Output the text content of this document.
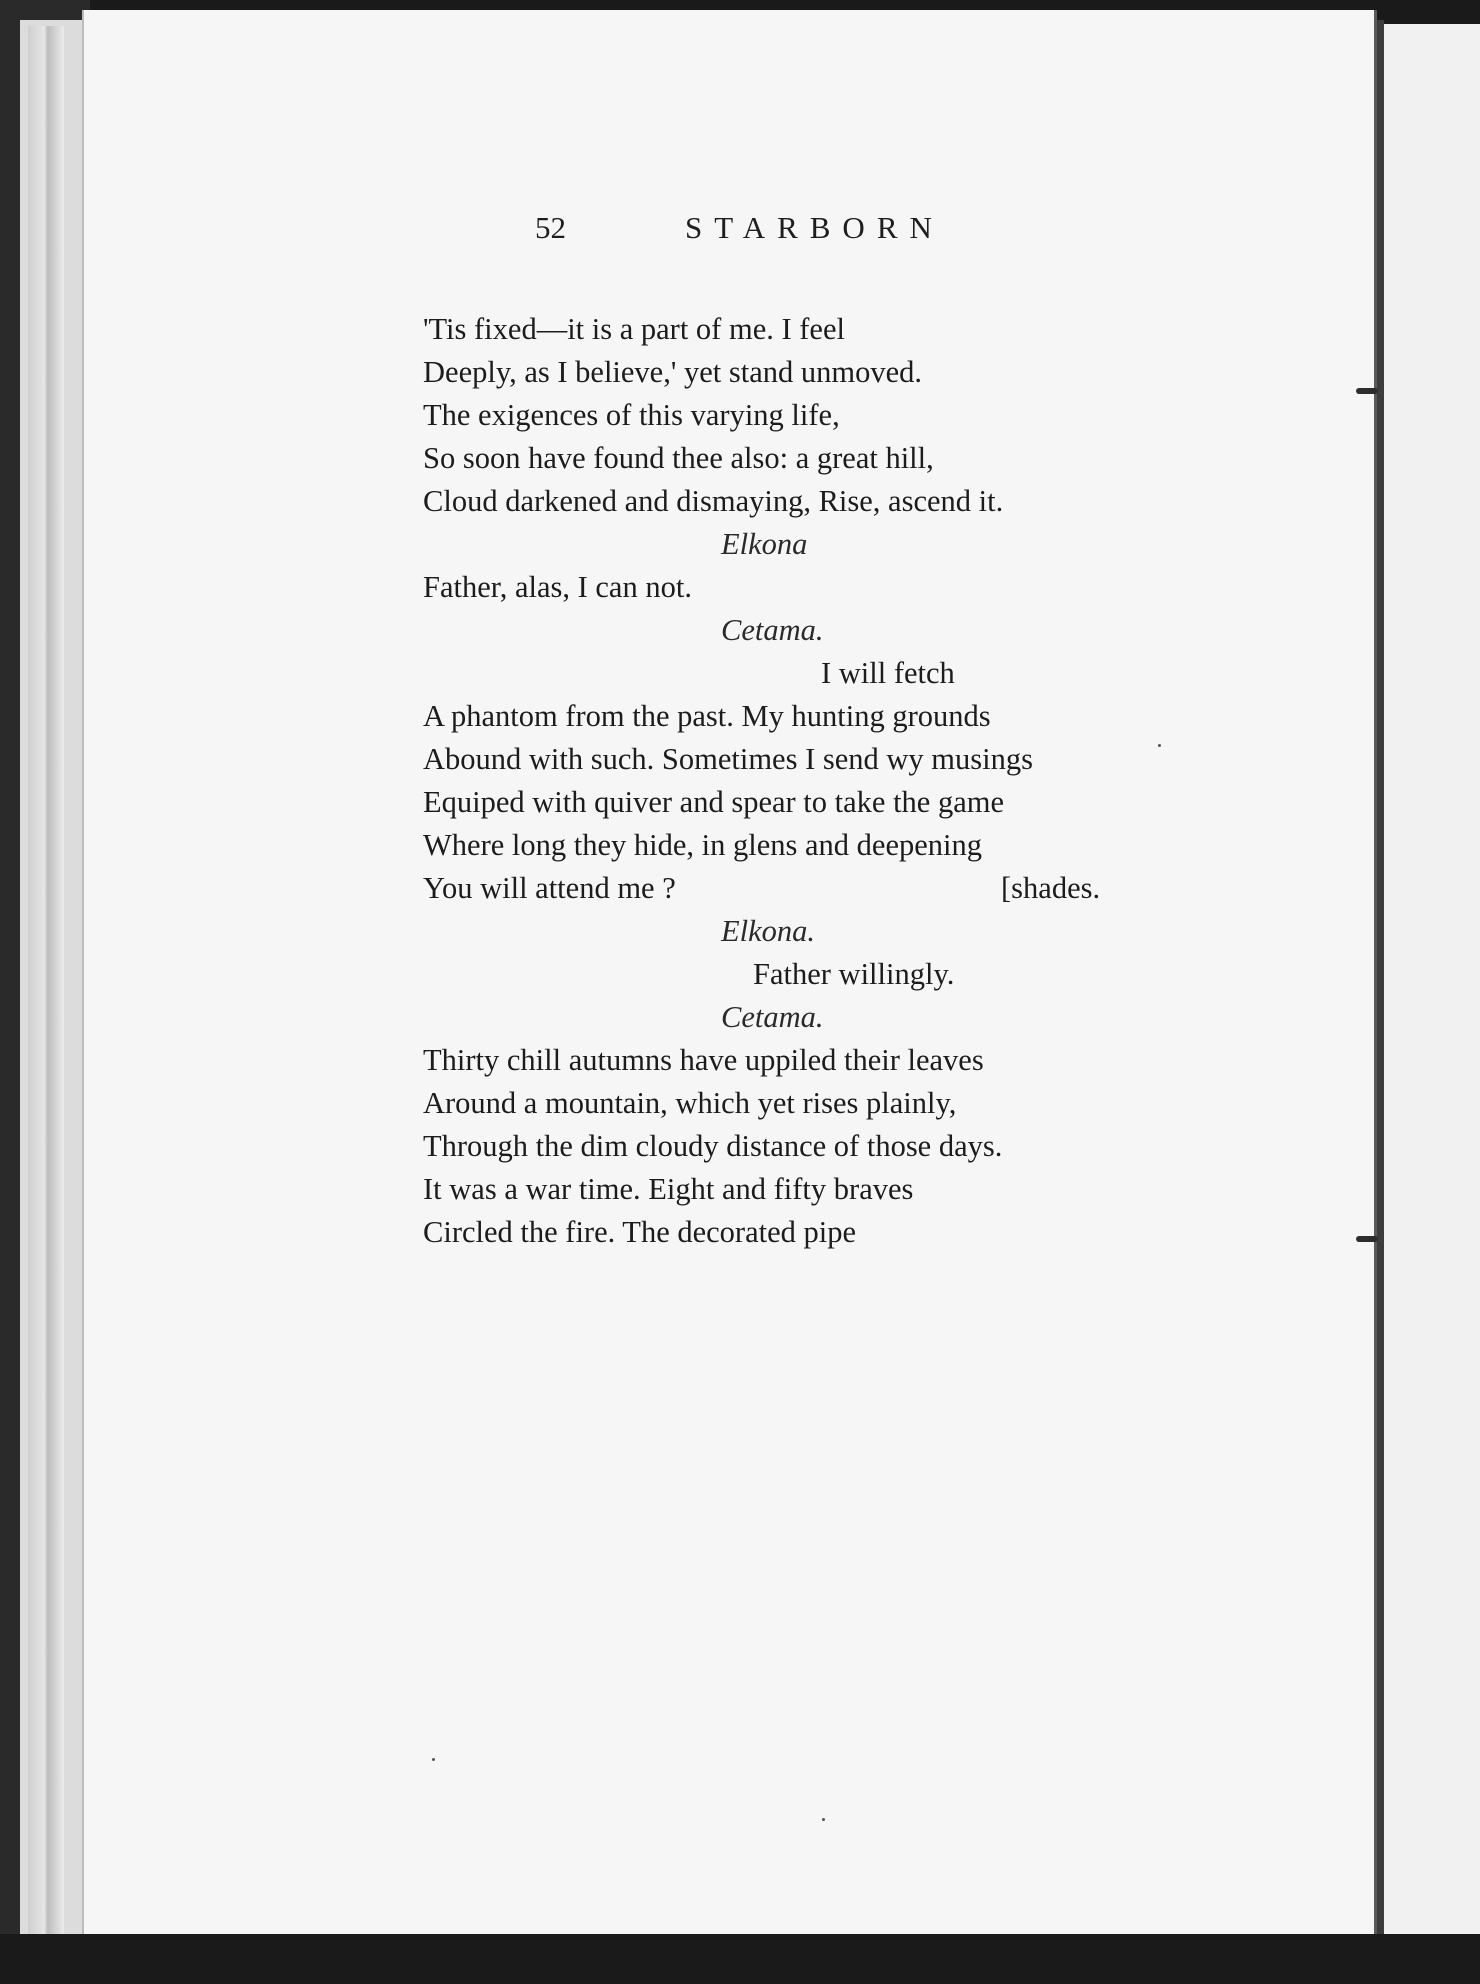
52	STARBORN
'Tis fixed—it is a part of me. I feel
Deeply, as I believe,' yet stand unmoved.
The exigences of this varying life,
So soon have found thee also: a great hill,
Cloud darkened and dismaying, Rise, ascend it.
Elkona
Father, alas, I can not.
Cetama.
I will fetch
A phantom from the past. My hunting grounds
Abound with such. Sometimes I send wy musings
Equiped with quiver and spear to take the game
Where long they hide, in glens and deepening
You will attend me ?	[shades.
Elkona.
Father willingly.
Cetama.
Thirty chill autumns have uppiled their leaves
Around a mountain, which yet rises plainly,
Through the dim cloudy distance of those days.
It was a war time. Eight and fifty braves
Circled the fire. The decorated pipe
